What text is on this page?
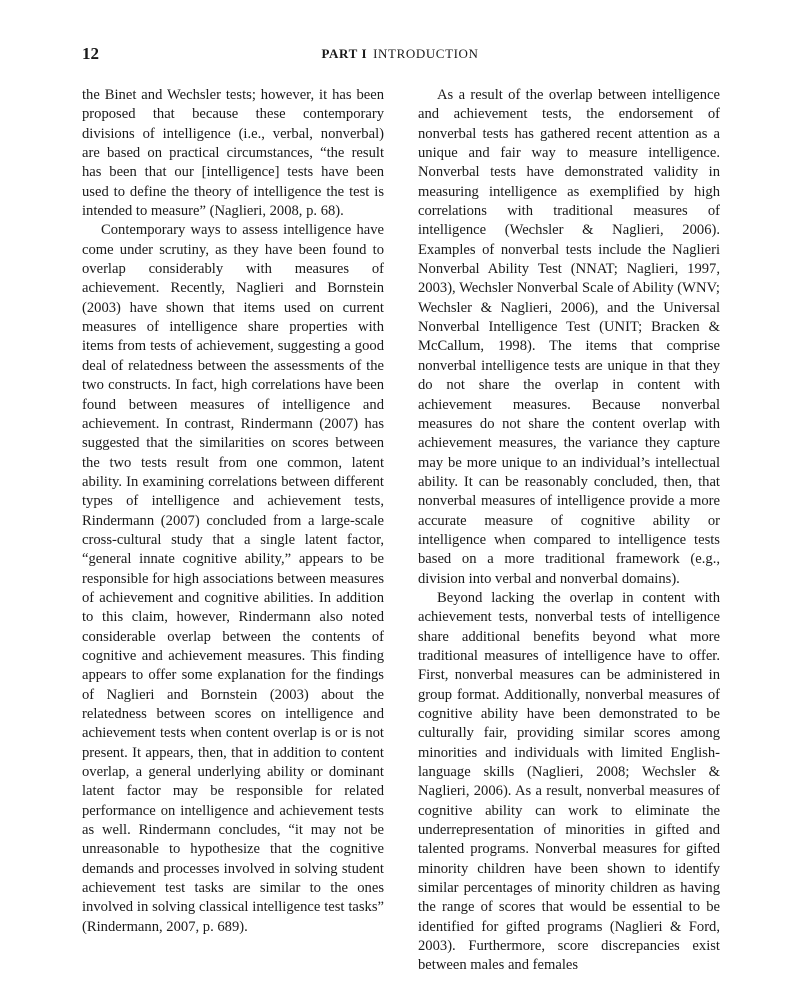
12	PART I INTRODUCTION

the Binet and Wechsler tests; however, it has been proposed that because these contemporary divisions of intelligence (i.e., verbal, nonverbal) are based on practical circumstances, “the result has been that our [intelligence] tests have been used to define the theory of intelligence the test is intended to measure” (Naglieri, 2008, p. 68).

Contemporary ways to assess intelligence have come under scrutiny, as they have been found to overlap considerably with measures of achievement. Recently, Naglieri and Bornstein (2003) have shown that items used on current measures of intelligence share properties with items from tests of achievement, suggesting a good deal of relatedness between the assessments of the two constructs. In fact, high correlations have been found between measures of intelligence and achievement. In contrast, Rindermann (2007) has suggested that the similarities on scores between the two tests result from one common, latent ability. In examining correlations between different types of intelligence and achievement tests, Rindermann (2007) concluded from a large-scale cross-cultural study that a single latent factor, “general innate cognitive ability,” appears to be responsible for high associations between measures of achievement and cognitive abilities. In addition to this claim, however, Rindermann also noted considerable overlap between the contents of cognitive and achievement measures. This finding appears to offer some explanation for the findings of Naglieri and Bornstein (2003) about the relatedness between scores on intelligence and achievement tests when content overlap is or is not present. It appears, then, that in addition to content overlap, a general underlying ability or dominant latent factor may be responsible for related performance on intelligence and achievement tests as well. Rindermann concludes, “it may not be unreasonable to hypothesize that the cognitive demands and processes involved in solving student achievement test tasks are similar to the ones involved in solving classical intelligence test tasks” (Rindermann, 2007, p. 689).

As a result of the overlap between intelligence and achievement tests, the endorsement of nonverbal tests has gathered recent attention as a unique and fair way to measure intelligence. Nonverbal tests have demonstrated validity in measuring intelligence as exemplified by high correlations with traditional measures of intelligence (Wechsler & Naglieri, 2006). Examples of nonverbal tests include the Naglieri Nonverbal Ability Test (NNAT; Naglieri, 1997, 2003), Wechsler Nonverbal Scale of Ability (WNV; Wechsler & Naglieri, 2006), and the Universal Nonverbal Intelligence Test (UNIT; Bracken & McCallum, 1998). The items that comprise nonverbal intelligence tests are unique in that they do not share the overlap in content with achievement measures. Because nonverbal measures do not share the content overlap with achievement measures, the variance they capture may be more unique to an individual’s intellectual ability. It can be reasonably concluded, then, that nonverbal measures of intelligence provide a more accurate measure of cognitive ability or intelligence when compared to intelligence tests based on a more traditional framework (e.g., division into verbal and nonverbal domains).

Beyond lacking the overlap in content with achievement tests, nonverbal tests of intelligence share additional benefits beyond what more traditional measures of intelligence have to offer. First, nonverbal measures can be administered in group format. Additionally, nonverbal measures of cognitive ability have been demonstrated to be culturally fair, providing similar scores among minorities and individuals with limited English-language skills (Naglieri, 2008; Wechsler & Naglieri, 2006). As a result, nonverbal measures of cognitive ability can work to eliminate the underrepresentation of minorities in gifted and talented programs. Nonverbal measures for gifted minority children have been shown to identify similar percentages of minority children as having the range of scores that would be essential to be identified for gifted programs (Naglieri & Ford, 2003). Furthermore, score discrepancies exist between males and females
